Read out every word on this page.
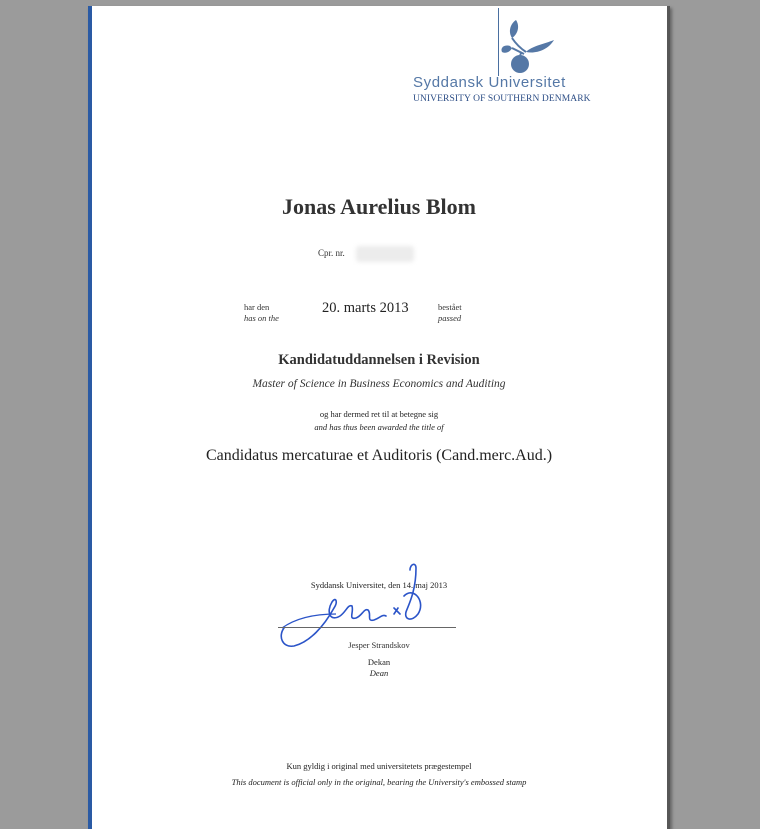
Syddansk Universitet
UNIVERSITY OF SOUTHERN DENMARK
Jonas Aurelius Blom
Cpr. nr.
har den
has on the
20. marts 2013	bestået
passed
Kandidatuddannelsen i Revision
Master of Science in Business Economics and Auditing
og har dermed ret til at betegne sig
and has thus been awarded the title of
Candidatus mercaturae et Auditoris (Cand.merc.Aud.)
Syddansk Universitet, den 14. maj 2013
Jesper Strandskov
Dekan
Dean
Kun gyldig i original med universitetets prægestempel
This document is official only in the original, bearing the University's embossed stamp
